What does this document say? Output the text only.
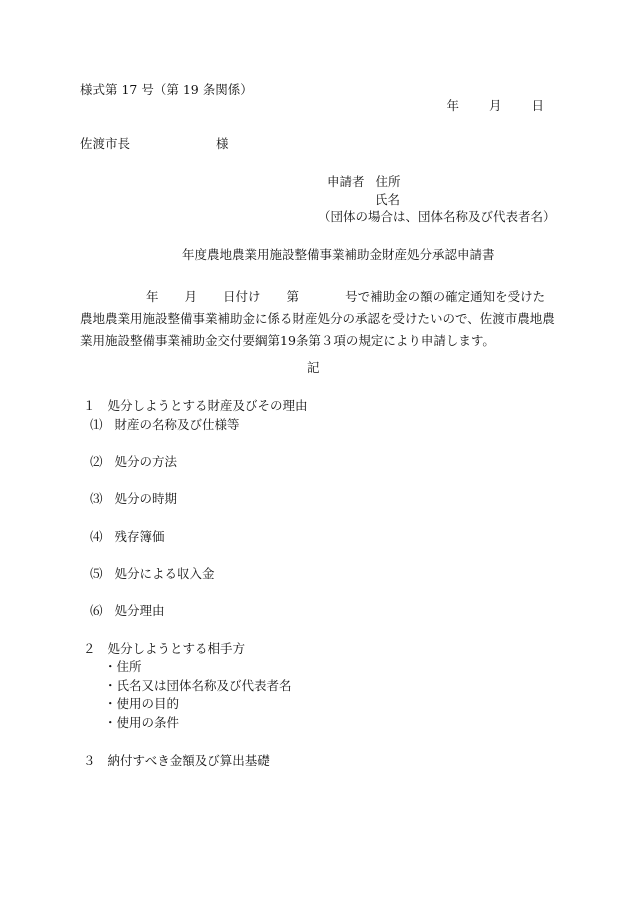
様式第 17 号（第 19 条関係）
年 月 日
佐渡市長	様
申請者 住所
氏名
（団体の場合は、団体名称及び代表者名）
年度農地農業用施設整備事業補助金財産処分承認申請書
年 月 日付け 第	号で補助金の額の確定通知を受けた
農地農業用施設整備事業補助金に係る財産処分の承認を受けたいので、佐渡市農地農
業用施設整備事業補助金交付要綱第19条第３項の規定により申請します。
記
１ 処分しようとする財産及びその理由
⑴ 財産の名称及び仕様等
⑵ 処分の方法
⑶ 処分の時期
⑷ 残存簿価
⑸ 処分による収入金
⑹ 処分理由
２ 処分しようとする相手方
・住所
・氏名又は団体名称及び代表者名
・使用の目的
・使用の条件
３ 納付すべき金額及び算出基礎
